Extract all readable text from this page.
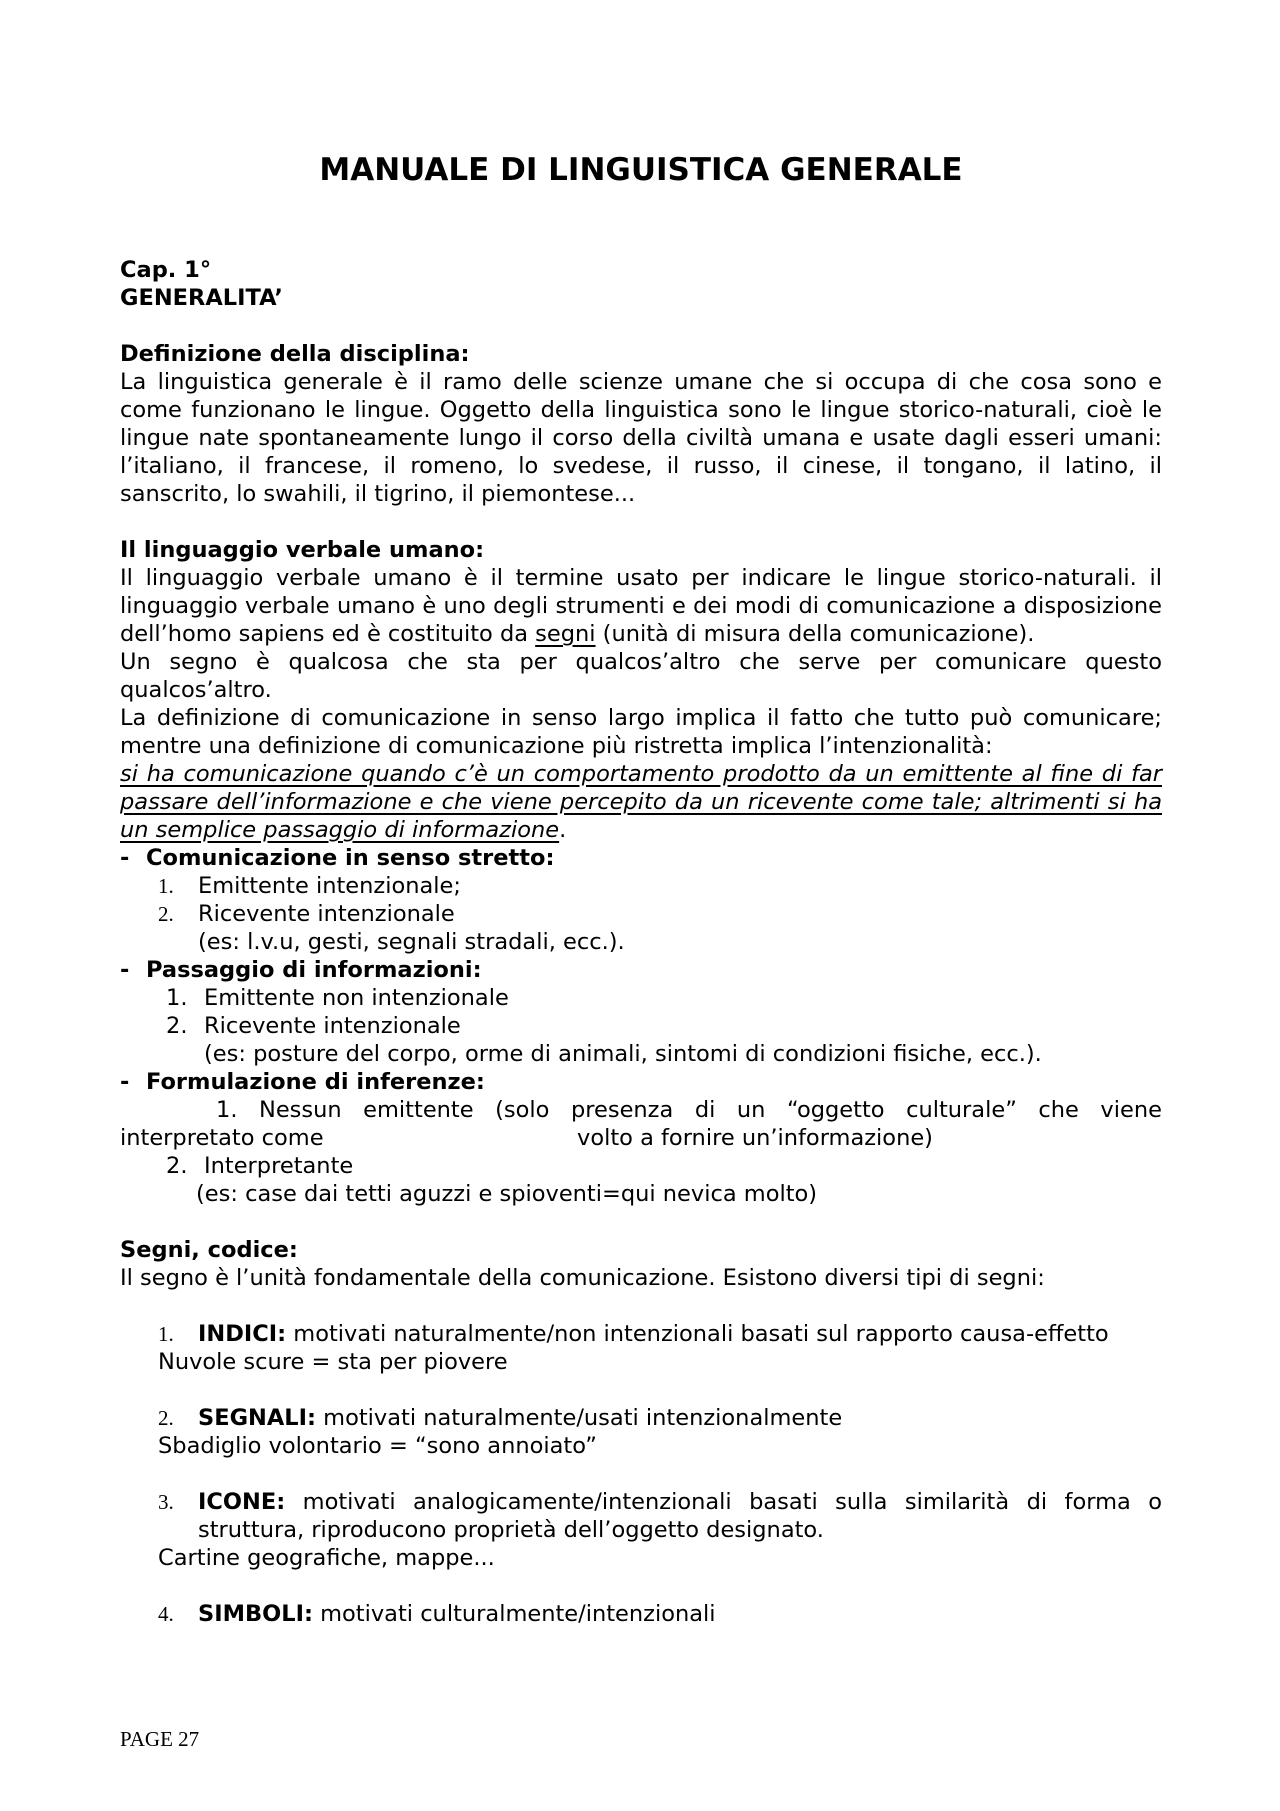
MANUALE DI LINGUISTICA GENERALE
Cap. 1°
GENERALITA’
Definizione della disciplina:
La linguistica generale è il ramo delle scienze umane che si occupa di che cosa sono e come funzionano le lingue. Oggetto della linguistica sono le lingue storico-naturali, cioè le lingue nate spontaneamente lungo il corso della civiltà umana e usate dagli esseri umani: l’italiano, il francese, il romeno, lo svedese, il russo, il cinese, il tongano, il latino, il sanscrito, lo swahili, il tigrino, il piemontese...
Il linguaggio verbale umano:
Il linguaggio verbale umano è il termine usato per indicare le lingue storico-naturali. il linguaggio verbale umano è uno degli strumenti e dei modi di comunicazione a disposizione dell’homo sapiens ed è costituito da segni (unità di misura della comunicazione).
Un segno è qualcosa che sta per qualcos’altro che serve per comunicare questo qualcos’altro.
La definizione di comunicazione in senso largo implica il fatto che tutto può comunicare; mentre una definizione di comunicazione più ristretta implica l’intenzionalità:
si ha comunicazione quando c’è un comportamento prodotto da un emittente al fine di far passare dell’informazione e che viene percepito da un ricevente come tale; altrimenti si ha un semplice passaggio di informazione.
- Comunicazione in senso stretto:
1.	Emittente intenzionale;
2.	Ricevente intenzionale
(es: l.v.u, gesti, segnali stradali, ecc.).
- Passaggio di informazioni:
1. Emittente non intenzionale
2. Ricevente intenzionale
(es: posture del corpo, orme di animali, sintomi di condizioni fisiche, ecc.).
- Formulazione di inferenze:
1. Nessun emittente (solo presenza di un “oggetto culturale” che viene
interpretato come	volto a fornire un’informazione)
2. Interpretante
(es: case dai tetti aguzzi e spioventi=qui nevica molto)
Segni, codice:
Il segno è l’unità fondamentale della comunicazione. Esistono diversi tipi di segni:
1.	INDICI: motivati naturalmente/non intenzionali basati sul rapporto causa-effetto
Nuvole scure = sta per piovere
2.	SEGNALI: motivati naturalmente/usati intenzionalmente
Sbadiglio volontario = “sono annoiato”
3.	ICONE: motivati analogicamente/intenzionali basati sulla similarità di forma o struttura, riproducono proprietà dell’oggetto designato.
Cartine geografiche, mappe...
4.	SIMBOLI: motivati culturalmente/intenzionali
PAGE 27
